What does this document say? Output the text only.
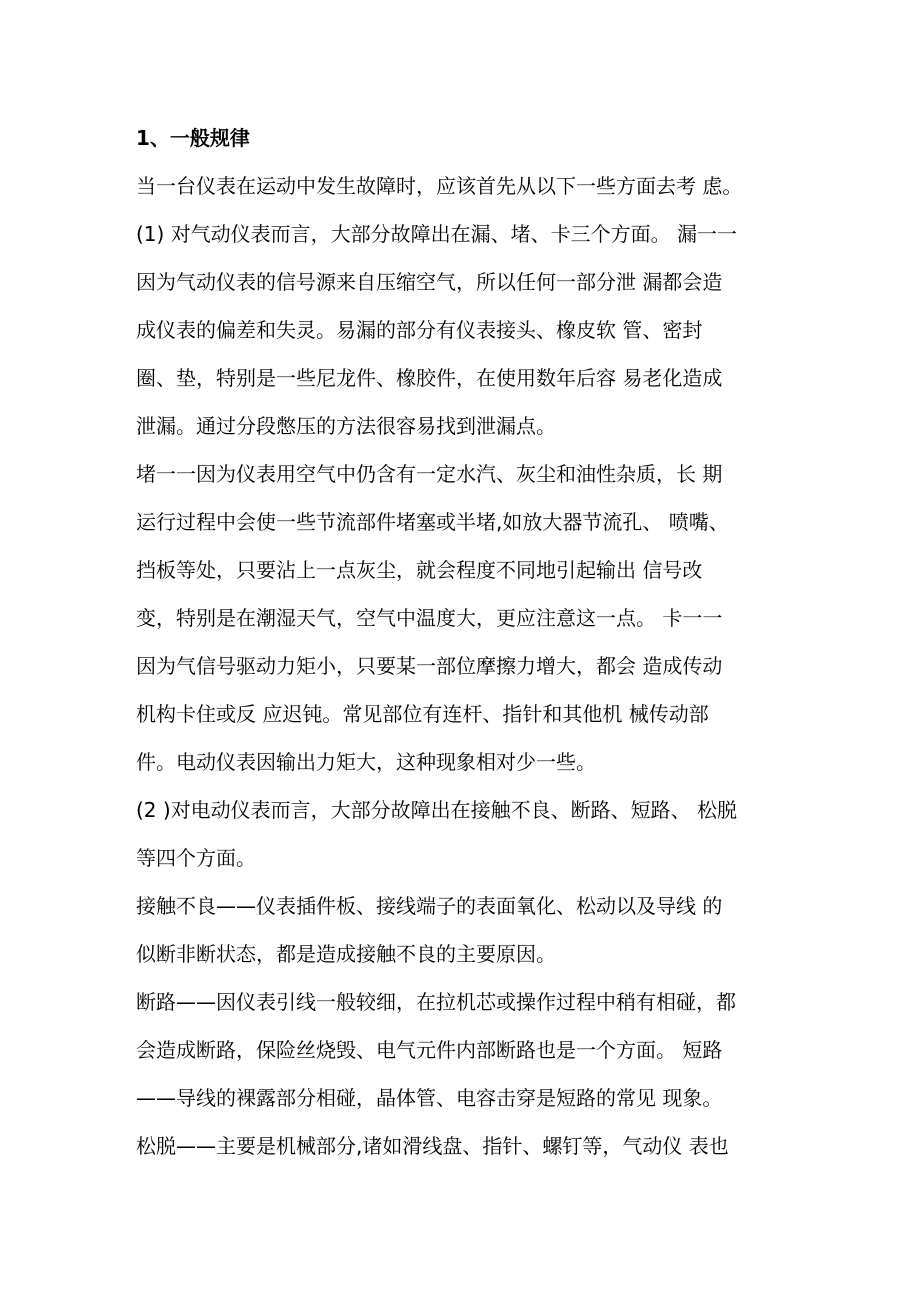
1、一般规律
当一台仪表在运动中发生故障时，应该首先从以下一些方面去考 虑。
(1) 对气动仪表而言，大部分故障出在漏、堵、卡三个方面。 漏一一
因为气动仪表的信号源来自压缩空气，所以任何一部分泄 漏都会造
成仪表的偏差和失灵。易漏的部分有仪表接头、橡皮软 管、密封
圈、垫，特别是一些尼龙件、橡胶件，在使用数年后容 易老化造成
泄漏。通过分段憋压的方法很容易找到泄漏点。
堵一一因为仪表用空气中仍含有一定水汽、灰尘和油性杂质，长 期
运行过程中会使一些节流部件堵塞或半堵,如放大器节流孔、 喷嘴、
挡板等处，只要沾上一点灰尘，就会程度不同地引起输出 信号改
变，特别是在潮湿天气，空气中温度大，更应注意这一点。 卡一一
因为气信号驱动力矩小，只要某一部位摩擦力增大，都会 造成传动
机构卡住或反 应迟钝。常见部位有连杆、指针和其他机 械传动部
件。电动仪表因输出力矩大，这种现象相对少一些。
(2 )对电动仪表而言，大部分故障出在接触不良、断路、短路、 松脱
等四个方面。
接触不良——仪表插件板、接线端子的表面氧化、松动以及导线 的
似断非断状态，都是造成接触不良的主要原因。
断路——因仪表引线一般较细，在拉机芯或操作过程中稍有相碰，都
会造成断路，保险丝烧毁、电气元件内部断路也是一个方面。 短路
——导线的裸露部分相碰，晶体管、电容击穿是短路的常见 现象。
松脱——主要是机械部分,诸如滑线盘、指针、螺钉等，气动仪 表也
